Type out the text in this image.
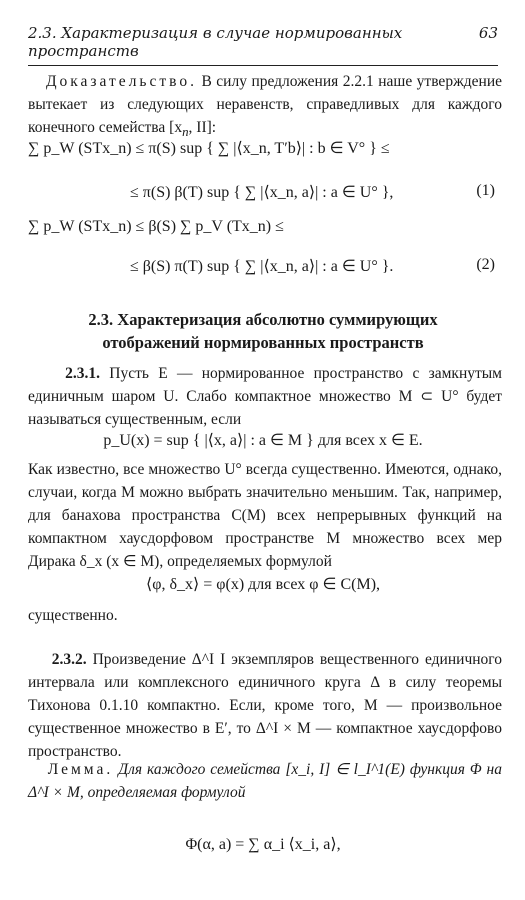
2.3. Характеризация в случае нормированных пространств
63
Доказательство. В силу предложения 2.2.1 наше утверждение вытекает из следующих неравенств, справедливых для каждого конечного семейства [$x_n$, II]:
∑ p_W (STx_n) ≤ π(S) sup { ∑ |⟨x_n, T′b⟩| : b ∈ V° } ≤
≤ π(S) β(T) sup { ∑ |⟨x_n, a⟩| : a ∈ U° },	(1)
∑ p_W (STx_n) ≤ β(S) ∑ p_V (Tx_n) ≤
≤ β(S) π(T) sup { ∑ |⟨x_n, a⟩| : a ∈ U° }.	(2)
2.3. Характеризация абсолютно суммирующих
отображений нормированных пространств
2.3.1. Пусть E — нормированное пространство с замкнутым единичным шаром U. Слабо компактное множество M ⊂ U° будет называться существенным, если
p_U(x) = sup { |⟨x, a⟩| : a ∈ M } для всех x ∈ E.
Как известно, все множество U° всегда существенно. Имеются, однако, случаи, когда M можно выбрать значительно меньшим. Так, например, для банахова пространства C(M) всех непрерывных функций на компактном хаусдорфовом пространстве M множество всех мер Дирака δ_x (x ∈ M), определяемых формулой
⟨φ, δ_x⟩ = φ(x) для всех φ ∈ C(M),
существенно.
2.3.2. Произведение Δ^I I экземпляров вещественного единичного интервала или комплексного единичного круга Δ в силу теоремы Тихонова 0.1.10 компактно. Если, кроме того, M — произвольное существенное множество в E′, то Δ^I × M — компактное хаусдорфово пространство.
Лемма. Для каждого семейства [x_i, I] ∈ l_I^1(E) функция Φ на Δ^I × M, определяемая формулой
Φ(α, a) = ∑ α_i ⟨x_i, a⟩,
